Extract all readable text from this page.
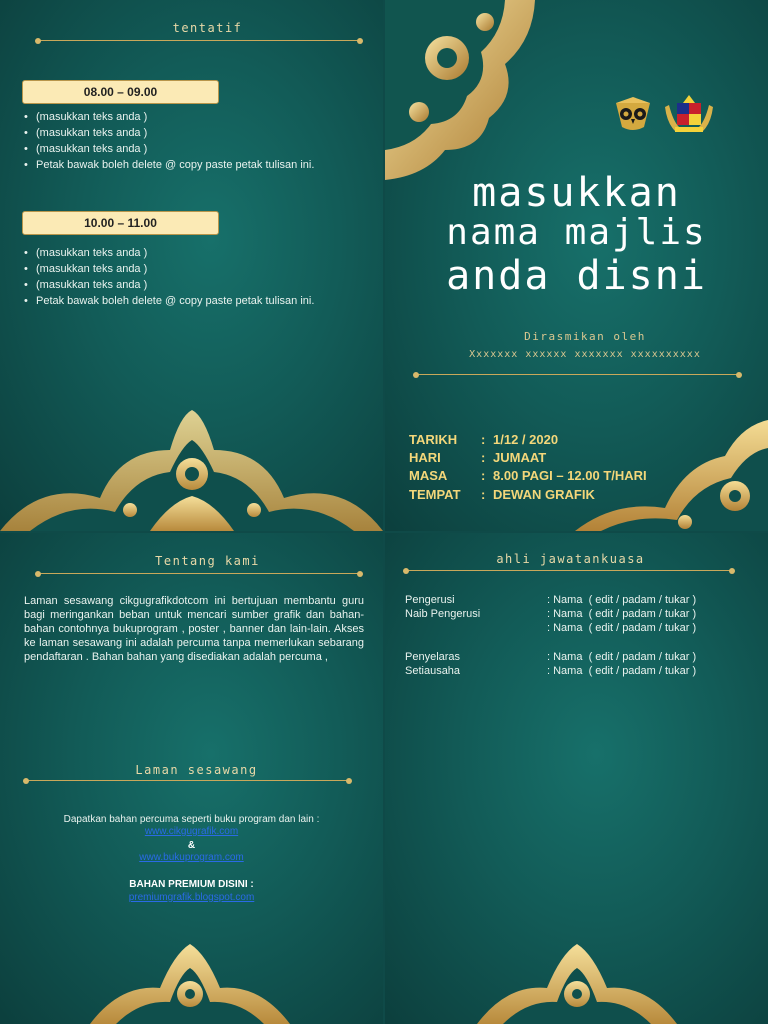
tentatif
08.00 – 09.00
• (masukkan teks anda )
• (masukkan teks anda )
• (masukkan teks anda )
• Petak bawak boleh delete @ copy paste petak tulisan ini.
10.00 – 11.00
• (masukkan teks anda )
• (masukkan teks anda )
• (masukkan teks anda )
• Petak bawak boleh delete @ copy paste petak tulisan ini.
masukkan
nama majlis
anda disni
Dirasmikan oleh
Xxxxxxx xxxxxx xxxxxxx xxxxxxxxxx
TARIKH : 1/12 / 2020
HARI	: JUMAAT
MASA	: 8.00 PAGI – 12.00 T/HARI
TEMPAT : DEWAN GRAFIK
Tentang kami
Laman sesawang cikgugrafikdotcom ini bertujuan membantu guru bagi meringankan beban untuk mencari sumber grafik dan bahan-bahan contohnya bukuprogram , poster , banner dan lain-lain. Akses ke laman sesawang ini adalah percuma tanpa memerlukan sebarang pendaftaran . Bahan bahan yang disediakan adalah percuma ,
Laman sesawang
Dapatkan bahan percuma seperti buku program dan lain :
www.cikgugrafik.com
&
www.bukuprogram.com
BAHAN PREMIUM DISINI :
premiumgrafik.blogspot.com
ahli jawatankuasa
Pengerusi	: Nama  ( edit / padam / tukar )
Naib Pengerusi	: Nama  ( edit / padam / tukar )
: Nama  ( edit / padam / tukar )
Penyelaras	: Nama  ( edit / padam / tukar )
Setiausaha	: Nama  ( edit / padam / tukar )
